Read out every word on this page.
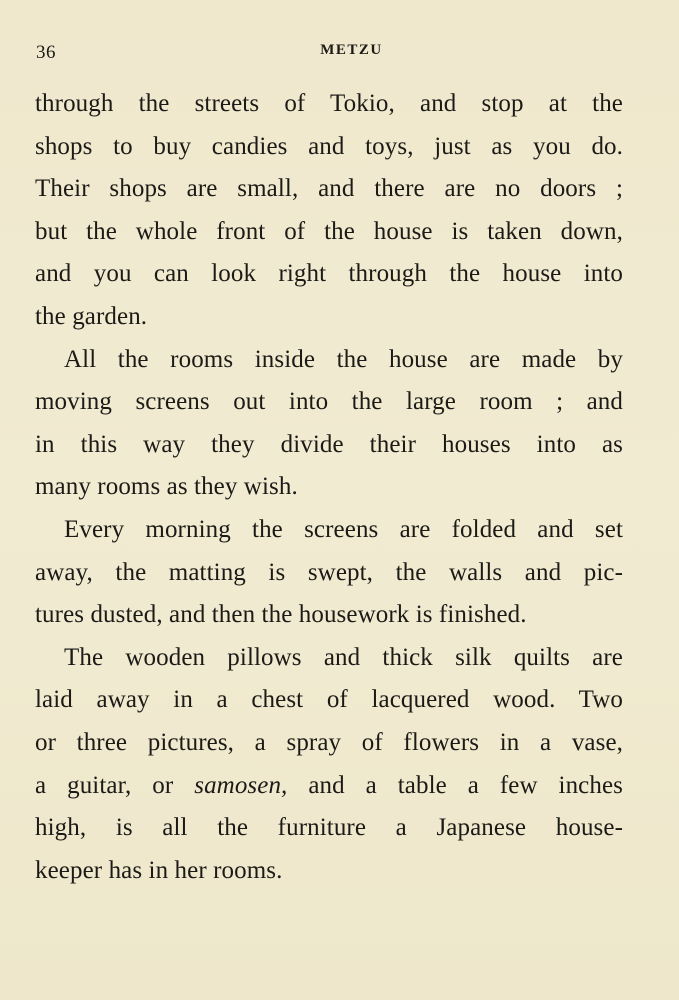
36	METZU
through the streets of Tokio, and stop at the
shops to buy candies and toys, just as you do.
Their shops are small, and there are no doors ;
but the whole front of the house is taken down,
and you can look right through the house into
the garden.
All the rooms inside the house are made by
moving screens out into the large room ; and
in this way they divide their houses into as
many rooms as they wish.
Every morning the screens are folded and set
away, the matting is swept, the walls and pic-
tures dusted, and then the housework is finished.
The wooden pillows and thick silk quilts are
laid away in a chest of lacquered wood. Two
or three pictures, a spray of flowers in a vase,
a guitar, or samosen, and a table a few inches
high, is all the furniture a Japanese house-
keeper has in her rooms.
